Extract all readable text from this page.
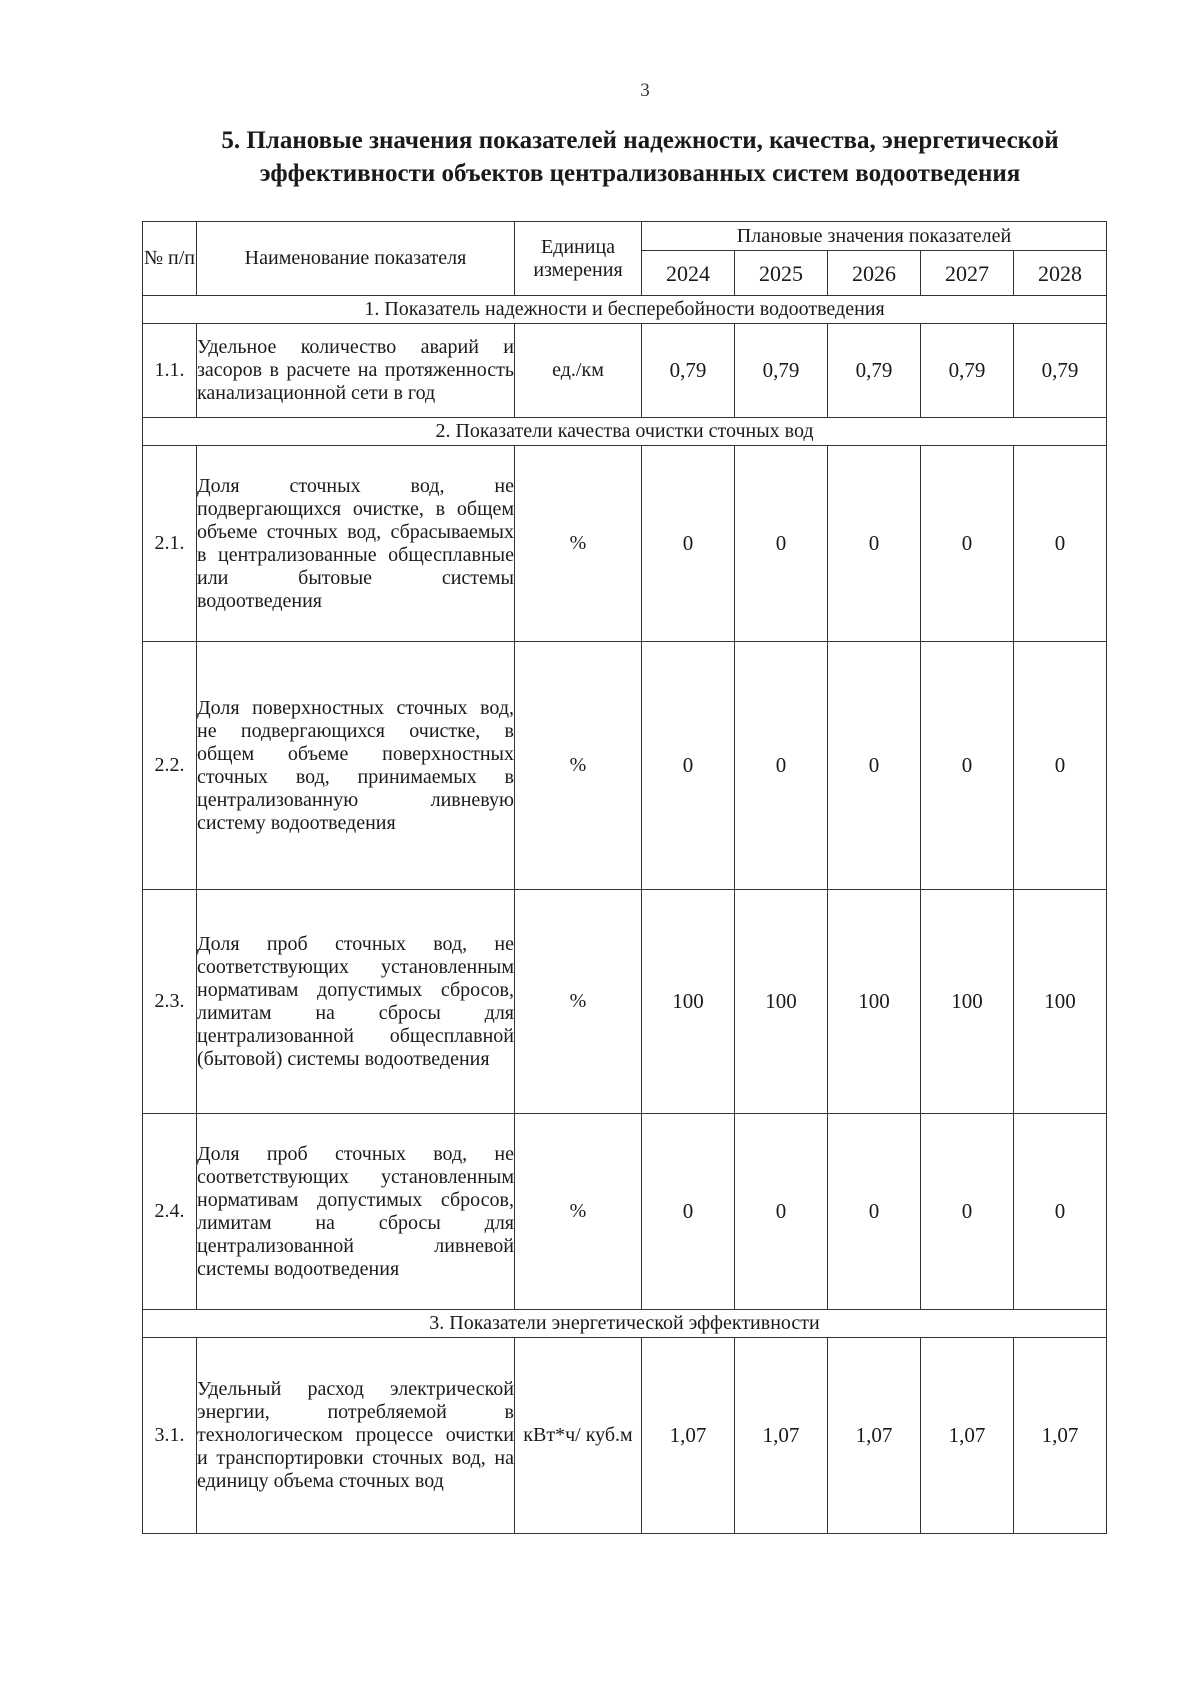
3
5. Плановые значения показателей надежности, качества, энергетической
эффективности объектов централизованных систем водоотведения
№ п/п	Наименование показателя	Единица измерения	Плановые значения показателей				
			2024	2025	2026	2027	2028
1. Показатель надежности и бесперебойности водоотведения							
1.1.	Удельное количество аварий и засоров в расчете на протяженность канализационной сети в год	ед./км	0,79	0,79	0,79	0,79	0,79
2. Показатели качества очистки сточных вод							
2.1.	Доля сточных вод, не подвергающихся очистке, в общем объеме сточных вод, сбрасываемых в централизованные общесплавные или бытовые системы водоотведения	%	0	0	0	0	0
2.2.	Доля поверхностных сточных вод, не подвергающихся очистке, в общем объеме поверхностных сточных вод, принимаемых в централизованную ливневую систему водоотведения	%	0	0	0	0	0
2.3.	Доля проб сточных вод, не соответствующих установленным нормативам допустимых сбросов, лимитам на сбросы для централизованной общесплавной (бытовой) системы водоотведения	%	100	100	100	100	100
2.4.	Доля проб сточных вод, не соответствующих установленным нормативам допустимых сбросов, лимитам на сбросы для централизованной ливневой системы водоотведения	%	0	0	0	0	0
3. Показатели энергетической эффективности							
3.1.	Удельный расход электрической энергии, потребляемой в технологическом процессе очистки и транспортировки сточных вод, на единицу объема сточных вод	кВт*ч/ куб.м	1,07	1,07	1,07	1,07	1,07
